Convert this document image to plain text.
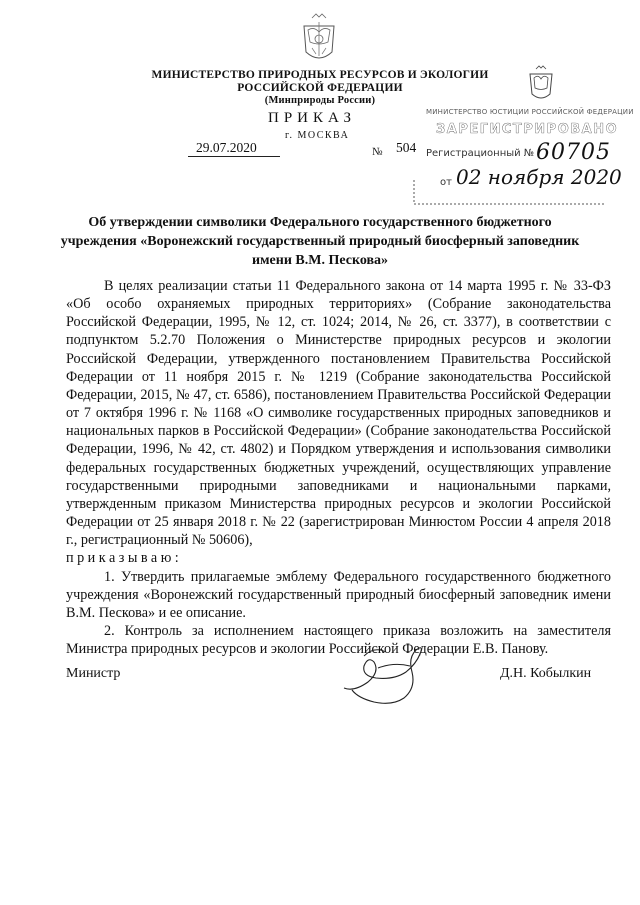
МИНИСТЕРСТВО ПРИРОДНЫХ РЕСУРСОВ И ЭКОЛОГИИ
РОССИЙСКОЙ ФЕДЕРАЦИИ
(Минприроды России)
ПРИКАЗ
г. МОСКВА
29.07.2020	№ 504
МИНИСТЕРСТВО ЮСТИЦИИ РОССИЙСКОЙ ФЕДЕРАЦИИ
ЗАРЕГИСТРИРОВАНО
Регистрационный № 60705
от 02 ноября 2020
Об утверждении символики Федерального государственного бюджетного учреждения «Воронежский государственный природный биосферный заповедник имени В.М. Пескова»

В целях реализации статьи 11 Федерального закона от 14 марта 1995 г. № 33-ФЗ «Об особо охраняемых природных территориях» (Собрание законодательства Российской Федерации, 1995, № 12, ст. 1024; 2014, № 26, ст. 3377), в соответствии с подпунктом 5.2.70 Положения о Министерстве природных ресурсов и экологии Российской Федерации, утвержденного постановлением Правительства Российской Федерации от 11 ноября 2015 г. № 1219 (Собрание законодательства Российской Федерации, 2015, № 47, ст. 6586), постановлением Правительства Российской Федерации от 7 октября 1996 г. № 1168 «О символике государственных природных заповедников и национальных парков в Российской Федерации» (Собрание законодательства Российской Федерации, 1996, № 42, ст. 4802) и Порядком утверждения и использования символики федеральных государственных бюджетных учреждений, осуществляющих управление государственными природными заповедниками и национальными парками, утвержденным приказом Министерства природных ресурсов и экологии Российской Федерации от 25 января 2018 г. № 22 (зарегистрирован Минюстом России 4 апреля 2018 г., регистрационный № 50606),

приказываю:

1. Утвердить прилагаемые эмблему Федерального государственного бюджетного учреждения «Воронежский государственный природный биосферный заповедник имени В.М. Пескова» и ее описание.

2. Контроль за исполнением настоящего приказа возложить на заместителя Министра природных ресурсов и экологии Российской Федерации Е.В. Панову.

Министр	Д.Н. Кобылкин
